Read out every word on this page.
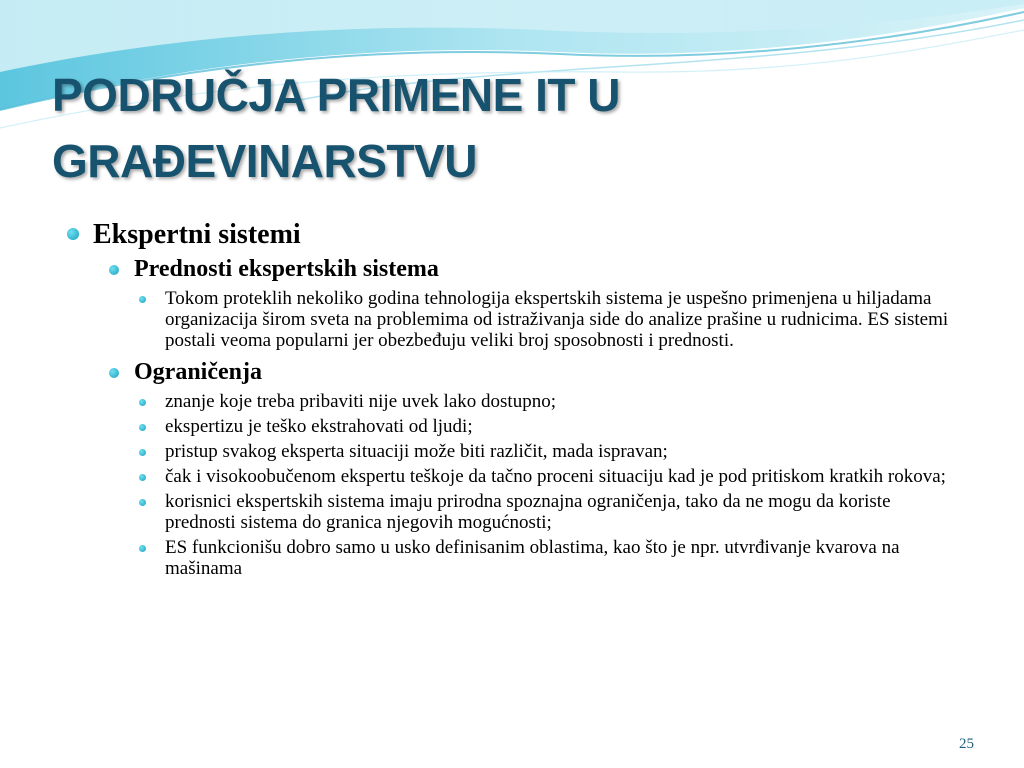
PODRUČJA PRIMENE IT U
GRAĐEVINARSTVU
Ekspertni sistemi
Prednosti ekspertskih sistema
Tokom proteklih nekoliko godina tehnologija ekspertskih sistema je uspešno primenjena u hiljadama organizacija širom sveta na problemima od istraživanja side do analize prašine u rudnicima. ES sistemi postali veoma popularni jer obezbeđuju veliki broj sposobnosti i prednosti.
Ograničenja
znanje koje treba pribaviti nije uvek lako dostupno;
ekspertizu je teško ekstrahovati od ljudi;
pristup svakog eksperta situaciji može biti različit, mada ispravan;
čak i visokoobučenom ekspertu teškoje da tačno proceni situaciju kad je pod pritiskom kratkih rokova;
korisnici ekspertskih sistema imaju prirodna spoznajna ograničenja, tako da ne mogu da koriste prednosti sistema do granica njegovih mogućnosti;
ES funkcionišu dobro samo u usko definisanim oblastima, kao što je npr. utvrđivanje kvarova na mašinama
25
